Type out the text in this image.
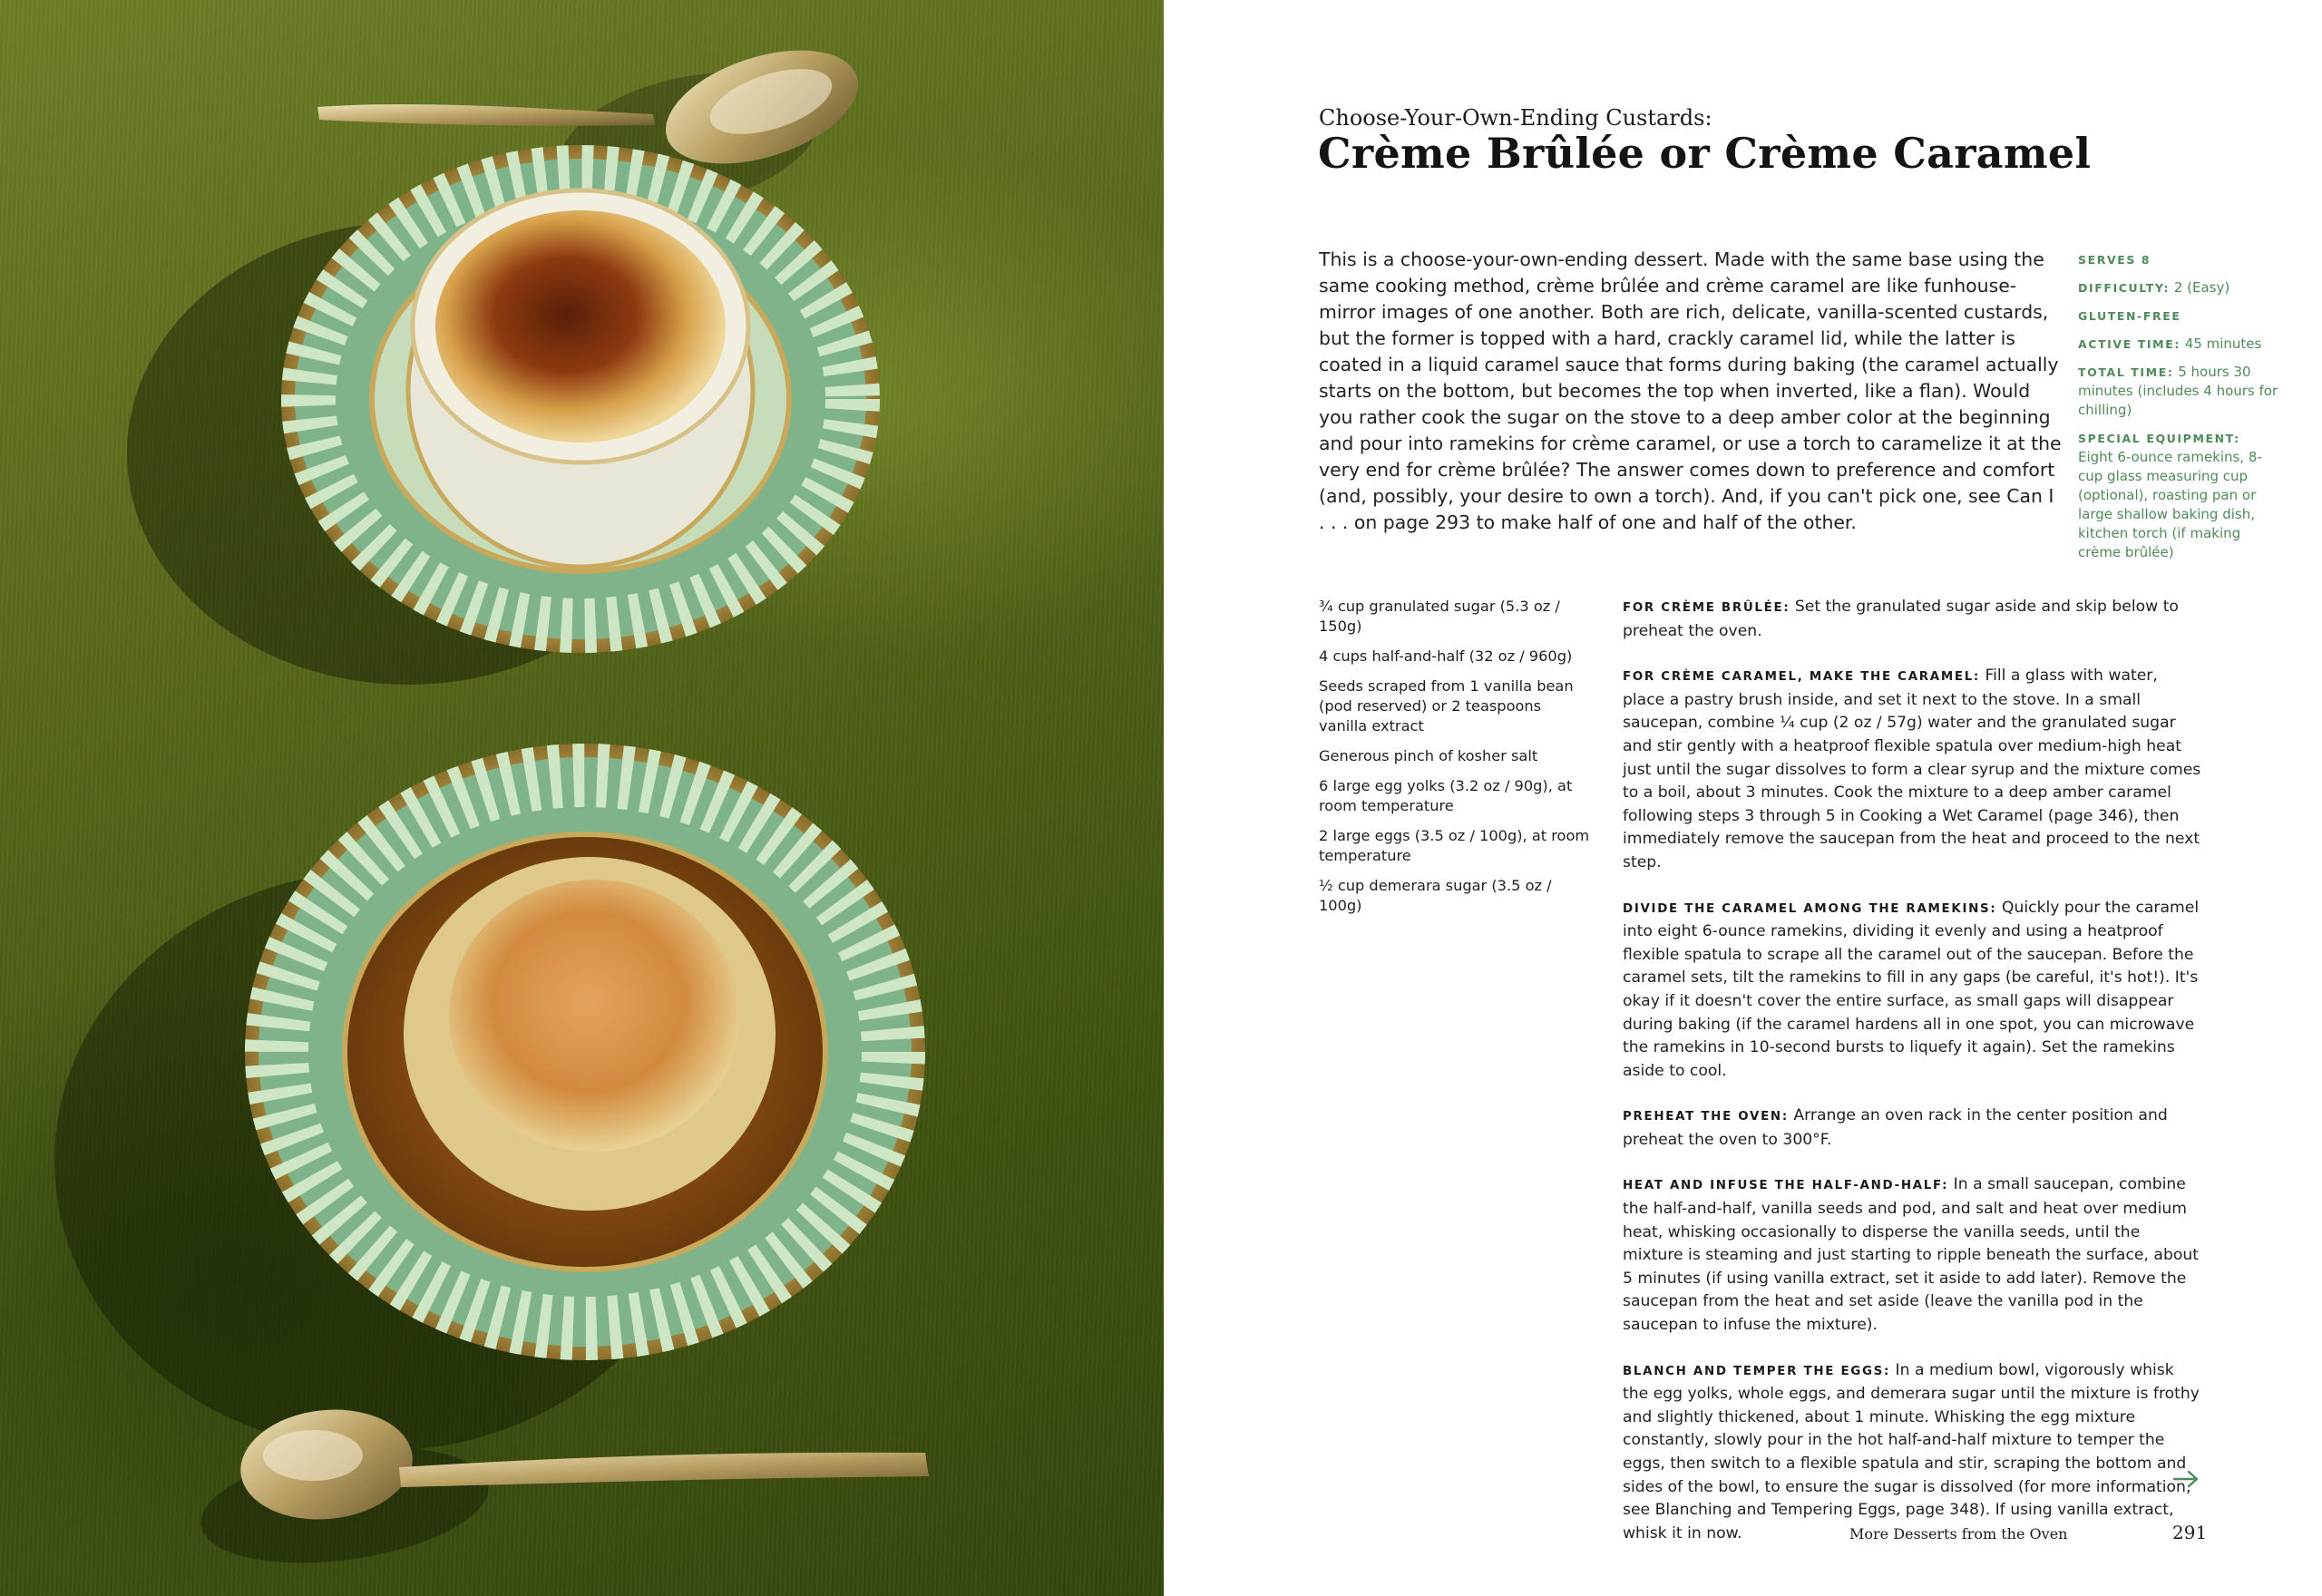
Choose-Your-Own-Ending Custards:
Crème Brûlée or Crème Caramel

This is a choose-your-own-ending dessert. Made with the same base using the same cooking method, crème brûlée and crème caramel are like funhouse-mirror images of one another. Both are rich, delicate, vanilla-scented custards, but the former is topped with a hard, crackly caramel lid, while the latter is coated in a liquid caramel sauce that forms during baking (the caramel actually starts on the bottom, but becomes the top when inverted, like a flan). Would you rather cook the sugar on the stove to a deep amber color at the beginning and pour into ramekins for crème caramel, or use a torch to caramelize it at the very end for crème brûlée? The answer comes down to preference and comfort (and, possibly, your desire to own a torch). And, if you can't pick one, see Can I . . . on page 293 to make half of one and half of the other.

SERVES 8
DIFFICULTY: 2 (Easy)
GLUTEN-FREE
ACTIVE TIME: 45 minutes
TOTAL TIME: 5 hours 30 minutes (includes 4 hours for chilling)
SPECIAL EQUIPMENT:
Eight 6-ounce ramekins, 8-cup glass measuring cup (optional), roasting pan or large shallow baking dish, kitchen torch (if making crème brûlée)
¾ cup granulated sugar (5.3 oz / 150g)
4 cups half-and-half (32 oz / 960g)
Seeds scraped from 1 vanilla bean (pod reserved) or 2 teaspoons vanilla extract
Generous pinch of kosher salt
6 large egg yolks (3.2 oz / 90g), at room temperature
2 large eggs (3.5 oz / 100g), at room temperature
½ cup demerara sugar (3.5 oz / 100g)
FOR CRÈME BRÛLÉE: Set the granulated sugar aside and skip below to preheat the oven.
FOR CRÈME CARAMEL, MAKE THE CARAMEL: Fill a glass with water, place a pastry brush inside, and set it next to the stove. In a small saucepan, combine ¼ cup (2 oz / 57g) water and the granulated sugar and stir gently with a heatproof flexible spatula over medium-high heat just until the sugar dissolves to form a clear syrup and the mixture comes to a boil, about 3 minutes. Cook the mixture to a deep amber caramel following steps 3 through 5 in Cooking a Wet Caramel (page 346), then immediately remove the saucepan from the heat and proceed to the next step.
DIVIDE THE CARAMEL AMONG THE RAMEKINS: Quickly pour the caramel into eight 6-ounce ramekins, dividing it evenly and using a heatproof flexible spatula to scrape all the caramel out of the saucepan. Before the caramel sets, tilt the ramekins to fill in any gaps (be careful, it's hot!). It's okay if it doesn't cover the entire surface, as small gaps will disappear during baking (if the caramel hardens all in one spot, you can microwave the ramekins in 10-second bursts to liquefy it again). Set the ramekins aside to cool.
PREHEAT THE OVEN: Arrange an oven rack in the center position and preheat the oven to 300°F.
HEAT AND INFUSE THE HALF-AND-HALF: In a small saucepan, combine the half-and-half, vanilla seeds and pod, and salt and heat over medium heat, whisking occasionally to disperse the vanilla seeds, until the mixture is steaming and just starting to ripple beneath the surface, about 5 minutes (if using vanilla extract, set it aside to add later). Remove the saucepan from the heat and set aside (leave the vanilla pod in the saucepan to infuse the mixture).
BLANCH AND TEMPER THE EGGS: In a medium bowl, vigorously whisk the egg yolks, whole eggs, and demerara sugar until the mixture is frothy and slightly thickened, about 1 minute. Whisking the egg mixture constantly, slowly pour in the hot half-and-half mixture to temper the eggs, then switch to a flexible spatula and stir, scraping the bottom and sides of the bowl, to ensure the sugar is dissolved (for more information, see Blanching and Tempering Eggs, page 348). If using vanilla extract, whisk it in now.	More Desserts from the Oven	291
